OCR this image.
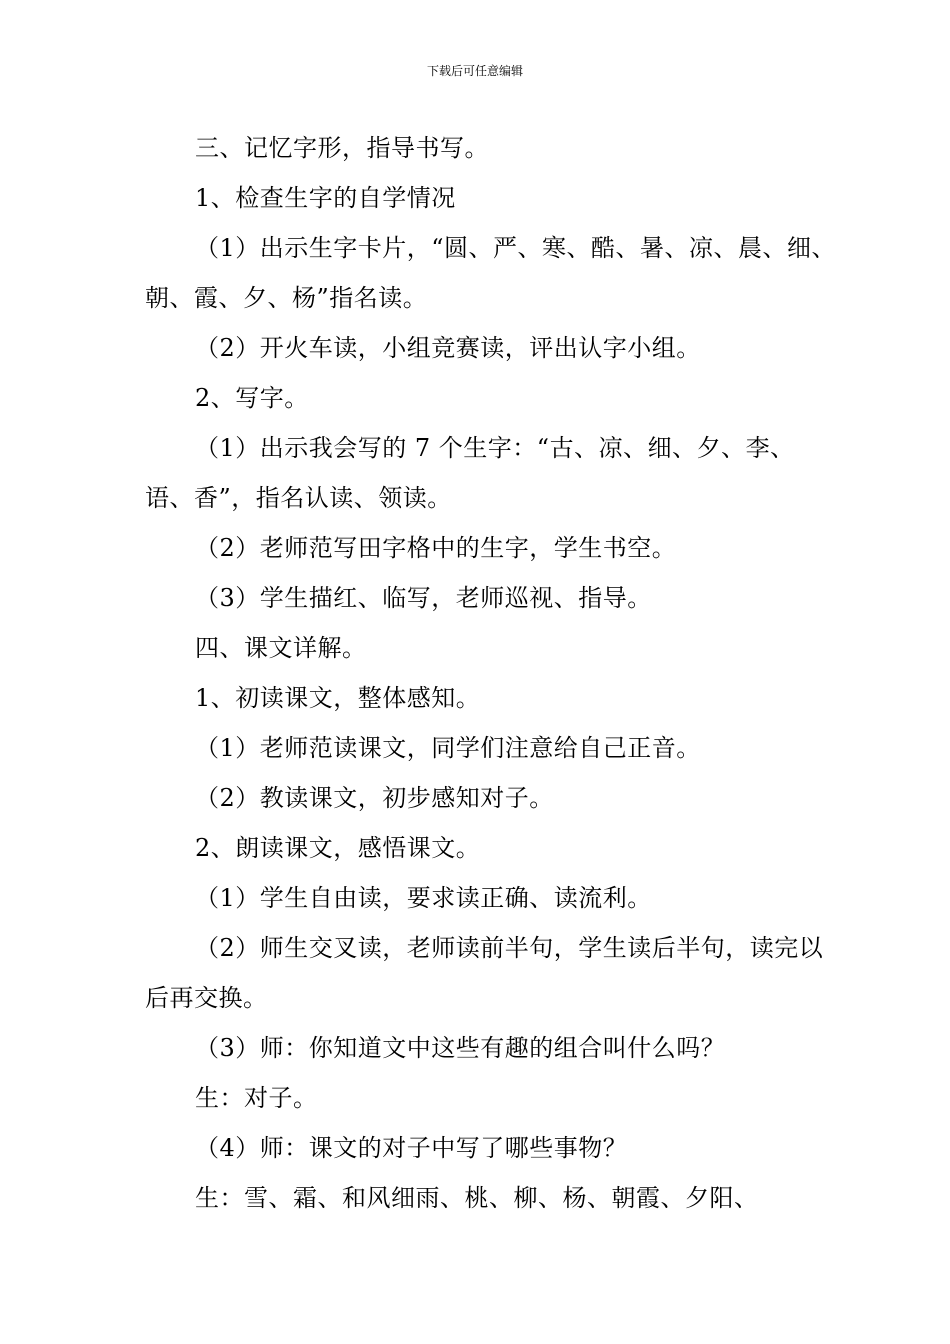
下载后可任意编辑

三、记忆字形，指导书写。

1、检查生字的自学情况

（1）出示生字卡片，“圆、严、寒、酷、暑、凉、晨、细、朝、霞、夕、杨”指名读。

（2）开火车读，小组竞赛读，评出认字小组。

2、写字。

（1）出示我会写的 7 个生字：“古、凉、细、夕、李、语、香”，指名认读、领读。

（2）老师范写田字格中的生字，学生书空。

（3）学生描红、临写，老师巡视、指导。

四、课文详解。

1、初读课文，整体感知。

（1）老师范读课文，同学们注意给自己正音。

（2）教读课文，初步感知对子。

2、朗读课文，感悟课文。

（1）学生自由读，要求读正确、读流利。

（2）师生交叉读，老师读前半句，学生读后半句，读完以后再交换。

（3）师：你知道文中这些有趣的组合叫什么吗？

生：对子。

（4）师：课文的对子中写了哪些事物？

生：雪、霜、和风细雨、桃、柳、杨、朝霞、夕阳、
